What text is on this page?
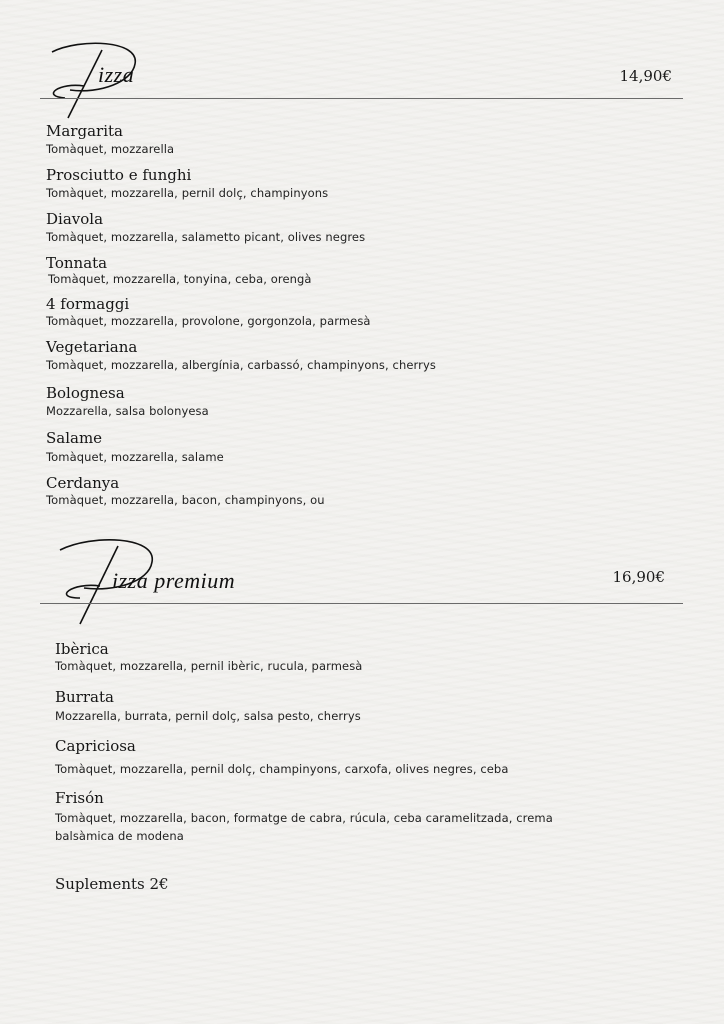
izza	14,90€
Margarita
Tomàquet, mozzarella
Prosciutto e funghi
Tomàquet, mozzarella, pernil dolç, champinyons
Diavola
Tomàquet, mozzarella, salametto picant, olives negres
Tonnata
Tomàquet, mozzarella, tonyina, ceba, orengà
4 formaggi
Tomàquet, mozzarella, provolone, gorgonzola, parmesà
Vegetariana
Tomàquet, mozzarella, albergínia, carbassó, champinyons, cherrys
Bolognesa
Mozzarella, salsa bolonyesa
Salame
Tomàquet, mozzarella, salame
Cerdanya
Tomàquet, mozzarella, bacon, champinyons, ou
izza premium	16,90€
Ibèrica
Tomàquet, mozzarella, pernil ibèric, rucula, parmesà
Burrata
Mozzarella, burrata, pernil dolç, salsa pesto, cherrys
Capriciosa
Tomàquet, mozzarella, pernil dolç, champinyons, carxofa, olives negres, ceba
Frisón
Tomàquet, mozzarella, bacon, formatge de cabra, rúcula, ceba caramelitzada, crema
balsàmica de modena
Suplements 2€
